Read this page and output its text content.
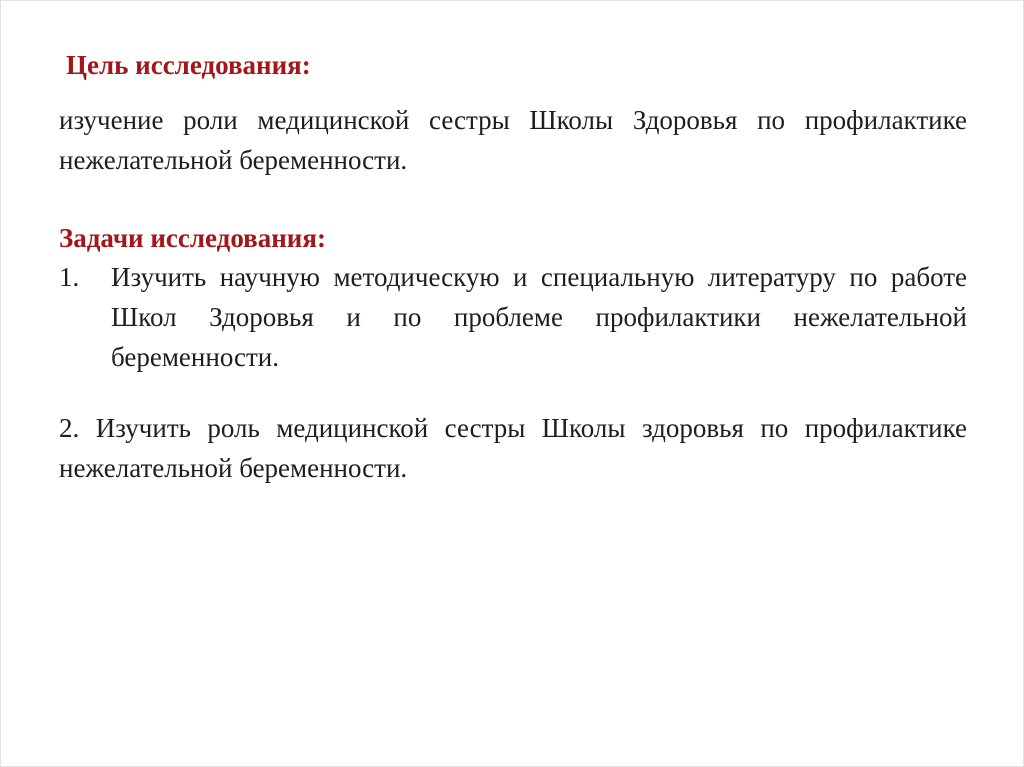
Цель исследования:
изучение роли медицинской сестры Школы Здоровья по профилактике нежелательной беременности.
Задачи исследования:
1.	Изучить научную методическую и специальную литературу по работе Школ Здоровья и по проблеме профилактики нежелательной беременности.
2. Изучить роль медицинской сестры Школы здоровья по профилактике нежелательной беременности.
